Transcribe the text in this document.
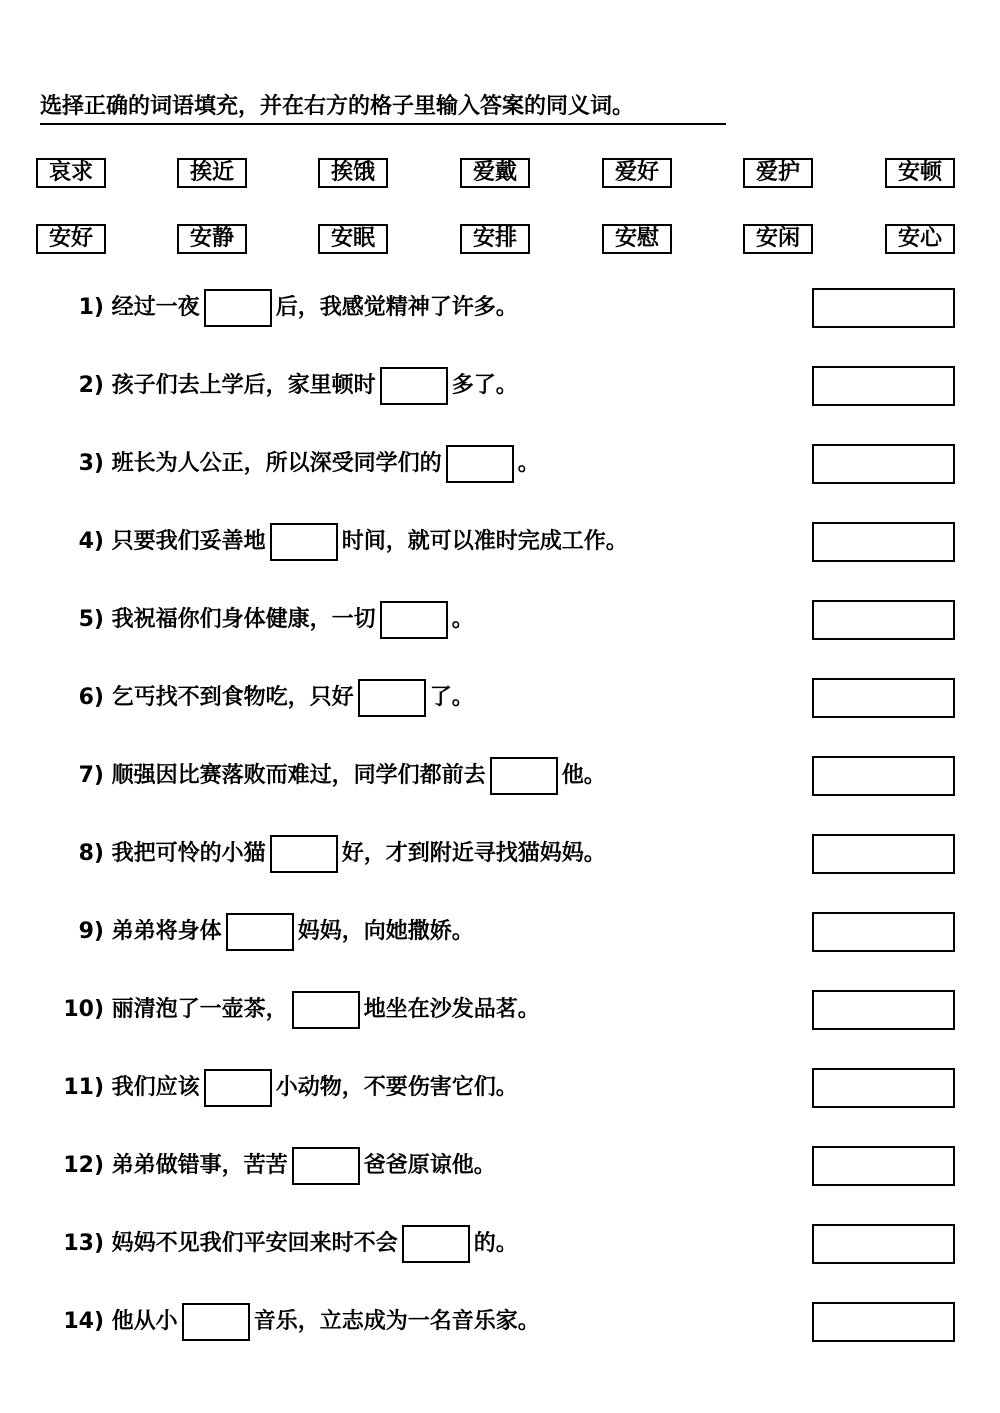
选择正确的词语填充，并在右方的格子里输入答案的同义词。
哀求	挨近	挨饿	爱戴	爱好	爱护	安顿
安好	安静	安眠	安排	安慰	安闲	安心
1) 经过一夜	后，我感觉精神了许多。
2) 孩子们去上学后，家里顿时	多了。
3) 班长为人公正，所以深受同学们的	。
4) 只要我们妥善地	时间，就可以准时完成工作。
5) 我祝福你们身体健康，一切	。
6) 乞丐找不到食物吃，只好	了。
7) 顺强因比赛落败而难过，同学们都前去	他。
8) 我把可怜的小猫	好，才到附近寻找猫妈妈。
9) 弟弟将身体	妈妈，向她撒娇。
10) 丽清泡了一壶茶，	地坐在沙发品茗。
11) 我们应该	小动物，不要伤害它们。
12) 弟弟做错事，苦苦	爸爸原谅他。
13) 妈妈不见我们平安回来时不会	的。
14) 他从小	音乐，立志成为一名音乐家。
